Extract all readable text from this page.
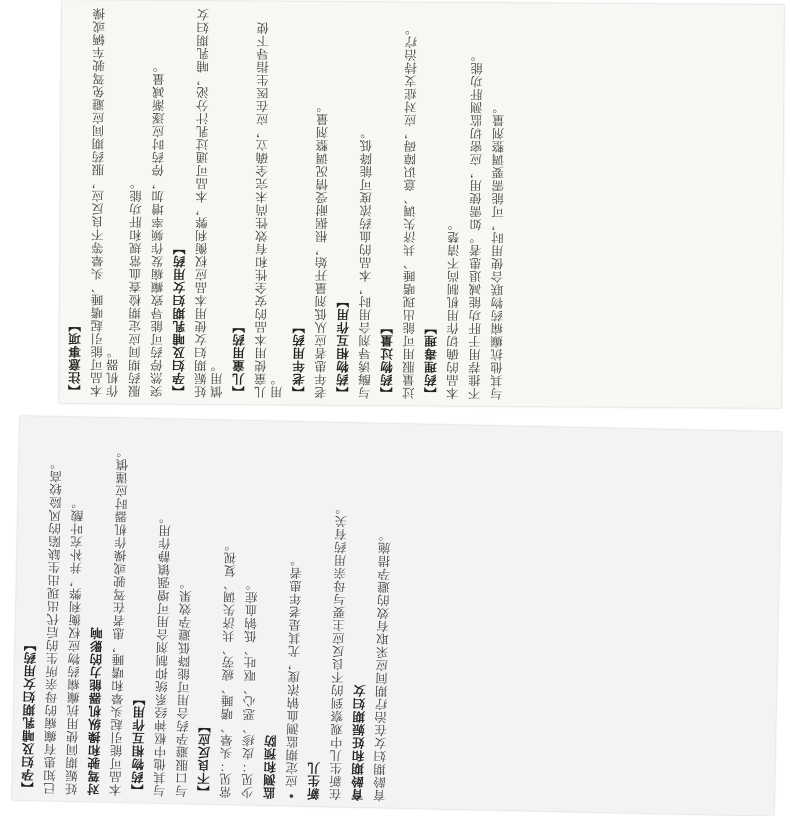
【注意事项】 本品可能引起嗜睡、头晕等不良反应，服药期间应避免驾驶车辆或操作机器。 服药期间应定期检查血常规和肝功能。 突然停药可能导致癫痫发作频率增加，停药时应逐渐减量。 【孕妇及哺乳期妇女用药】 妊娠期妇女使用本品应权衡利弊，本品可通过乳汁分泌，哺乳期妇女慎用。 【儿童用药】 儿童使用本品的安全性和有效性尚未完全确立，应在医生指导下使用。 【老年用药】 老年患者应从低剂量开始，根据耐受情况调整剂量。 【药物相互作用】 与酶诱导剂合用时，本品的血药浓度可能降低。 【药物过量】 过量服用可能出现嗜睡、共济失调、意识障碍，应对症支持治疗。 【药理毒理】 本品的确切作用机制尚不清楚。 不推荐用于肝功能减退患者。如需使用，应密切监测肝功能。 与其他抗癫痫药物联合使用时，可能需要调整剂量。

【孕妇及哺乳期妇女用药】 已知患有癫痫的母亲所生的后代出现出生缺陷的风险较高。 妊娠期间使用抗癫痫药物应权衡利弊，并补充叶酸。 对驾驶和操纵机器能力的影响 本品可能引起头晕和嗜睡，患者在驾驶或操作机器时应谨慎。 【药物相互作用】 与其他中枢神经系统抑制剂合用可增强镇静作用。 与口服避孕药合用可能降低避孕效果。 【不良反应】 常见：头晕、嗜睡、疲劳、共济失调、复视。 少见：皮疹、恶心、呕吐、低钠血症。 监测和预防

• 应定期监测血钠浓度，尤其是老年患者。 新生儿 在新生儿中观察到的不良反应主要与母亲用药有关。 育龄期和妊娠期妇女 育龄期妇女在治疗期间应采取有效的避孕措施。
